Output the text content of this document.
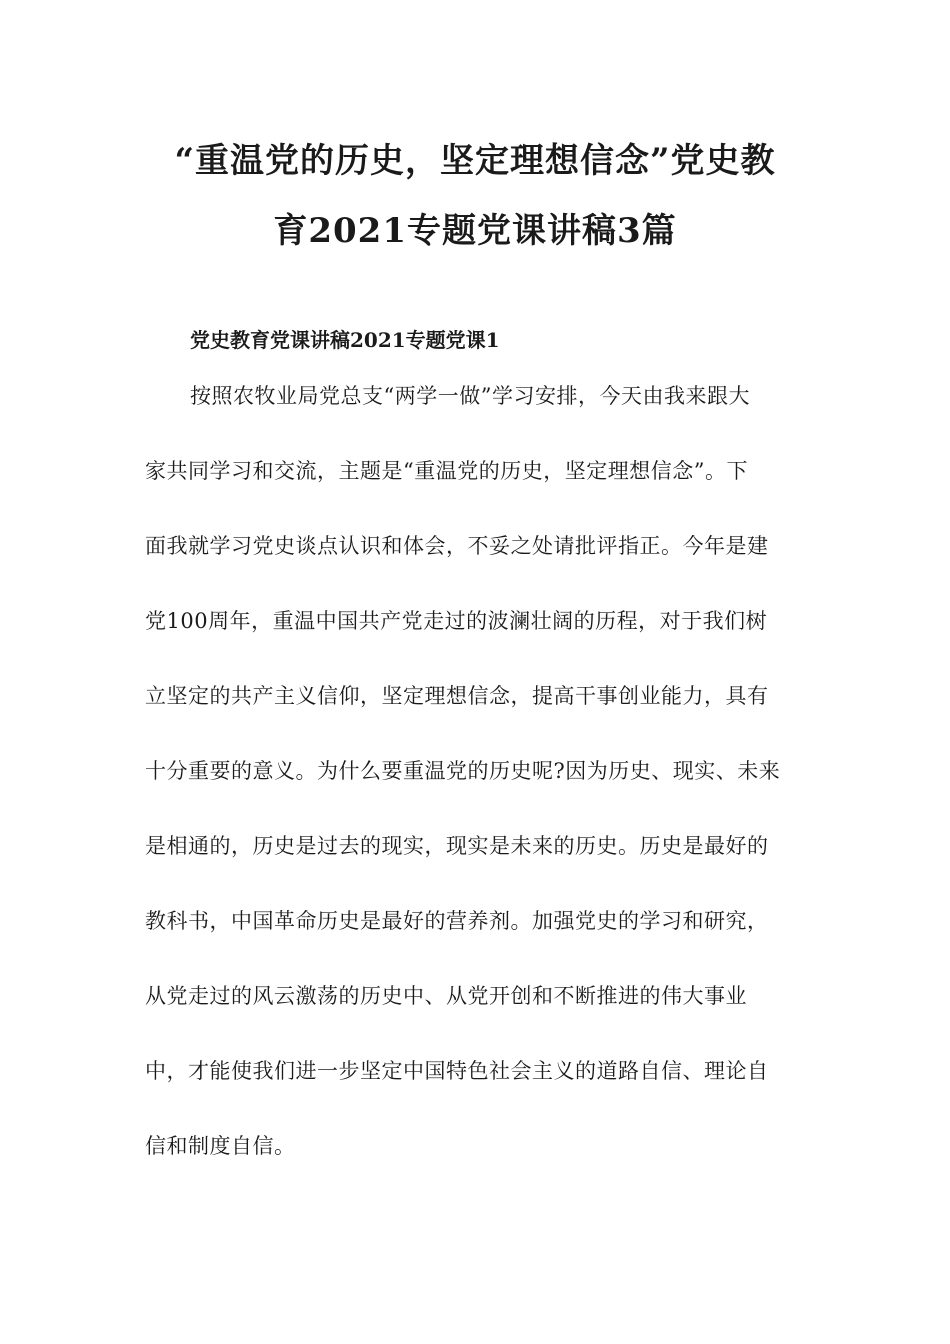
“重温党的历史，坚定理想信念”党史教
育2021专题党课讲稿3篇
党史教育党课讲稿2021专题党课1
按照农牧业局党总支“两学一做”学习安排，今天由我来跟大
家共同学习和交流，主题是“重温党的历史，坚定理想信念”。下
面我就学习党史谈点认识和体会，不妥之处请批评指正。今年是建
党100周年，重温中国共产党走过的波澜壮阔的历程，对于我们树
立坚定的共产主义信仰，坚定理想信念，提高干事创业能力，具有
十分重要的意义。为什么要重温党的历史呢?因为历史、现实、未来
是相通的，历史是过去的现实，现实是未来的历史。历史是最好的
教科书，中国革命历史是最好的营养剂。加强党史的学习和研究，
从党走过的风云激荡的历史中、从党开创和不断推进的伟大事业
中，才能使我们进一步坚定中国特色社会主义的道路自信、理论自
信和制度自信。
